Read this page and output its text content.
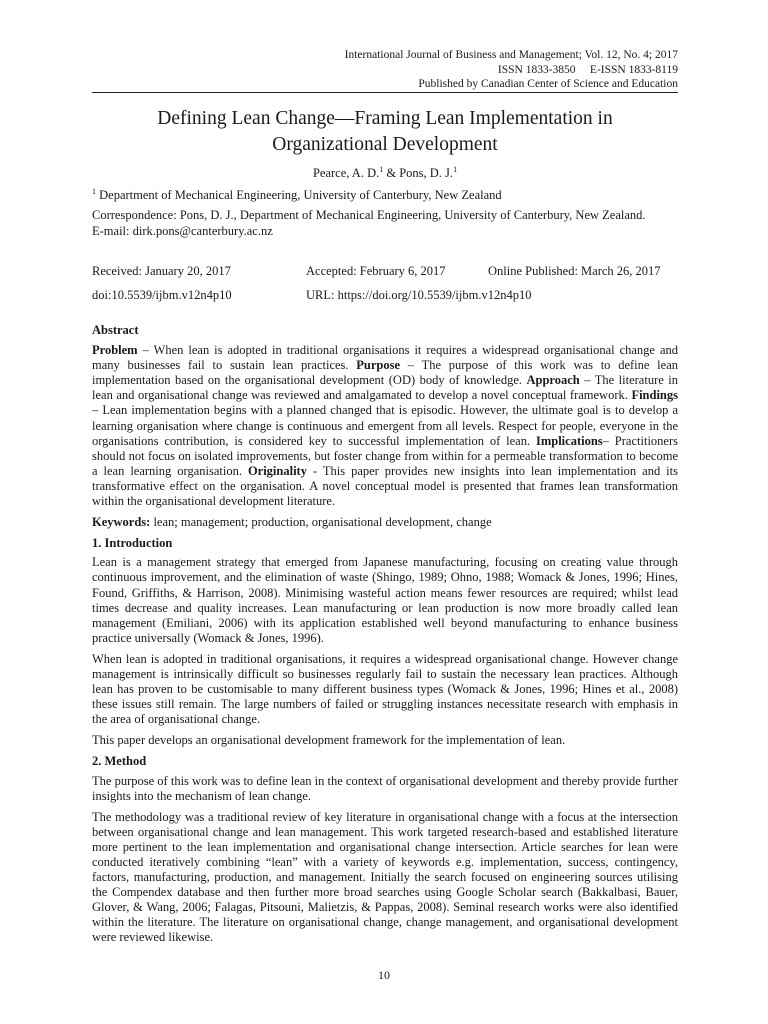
International Journal of Business and Management; Vol. 12, No. 4; 2017
ISSN 1833-3850     E-ISSN 1833-8119
Published by Canadian Center of Science and Education
Defining Lean Change—Framing Lean Implementation in
Organizational Development
Pearce, A. D.$^1$ & Pons, D. J.$^1$
$^1$ Department of Mechanical Engineering, University of Canterbury, New Zealand
Correspondence: Pons, D. J., Department of Mechanical Engineering, University of Canterbury, New Zealand.
E-mail: dirk.pons@canterbury.ac.nz
Received: January 20, 2017	Accepted: February 6, 2017	Online Published: March 26, 2017
doi:10.5539/ijbm.v12n4p10	URL: https://doi.org/10.5539/ijbm.v12n4p10
Abstract

Problem – When lean is adopted in traditional organisations it requires a widespread organisational change and many businesses fail to sustain lean practices. Purpose – The purpose of this work was to define lean implementation based on the organisational development (OD) body of knowledge. Approach – The literature in lean and organisational change was reviewed and amalgamated to develop a novel conceptual framework. Findings – Lean implementation begins with a planned changed that is episodic. However, the ultimate goal is to develop a learning organisation where change is continuous and emergent from all levels. Respect for people, everyone in the organisations contribution, is considered key to successful implementation of lean. Implications– Practitioners should not focus on isolated improvements, but foster change from within for a permeable transformation to become a lean learning organisation. Originality - This paper provides new insights into lean implementation and its transformative effect on the organisation. A novel conceptual model is presented that frames lean transformation within the organisational development literature.

Keywords: lean; management; production, organisational development, change

1. Introduction

Lean is a management strategy that emerged from Japanese manufacturing, focusing on creating value through continuous improvement, and the elimination of waste (Shingo, 1989; Ohno, 1988; Womack & Jones, 1996; Hines, Found, Griffiths, & Harrison, 2008). Minimising wasteful action means fewer resources are required; whilst lead times decrease and quality increases. Lean manufacturing or lean production is now more broadly called lean management (Emiliani, 2006) with its application established well beyond manufacturing to enhance business practice universally (Womack & Jones, 1996).

When lean is adopted in traditional organisations, it requires a widespread organisational change. However change management is intrinsically difficult so businesses regularly fail to sustain the necessary lean practices. Although lean has proven to be customisable to many different business types (Womack & Jones, 1996; Hines et al., 2008) these issues still remain. The large numbers of failed or struggling instances necessitate research with emphasis in the area of organisational change.

This paper develops an organisational development framework for the implementation of lean.

2. Method

The purpose of this work was to define lean in the context of organisational development and thereby provide further insights into the mechanism of lean change.

The methodology was a traditional review of key literature in organisational change with a focus at the intersection between organisational change and lean management. This work targeted research-based and established literature more pertinent to the lean implementation and organisational change intersection. Article searches for lean were conducted iteratively combining “lean” with a variety of keywords e.g. implementation, success, contingency, factors, manufacturing, production, and management. Initially the search focused on engineering sources utilising the Compendex database and then further more broad searches using Google Scholar search (Bakkalbasi, Bauer, Glover, & Wang, 2006; Falagas, Pitsouni, Malietzis, & Pappas, 2008). Seminal research works were also identified within the literature. The literature on organisational change, change management, and organisational development were reviewed likewise.

10
